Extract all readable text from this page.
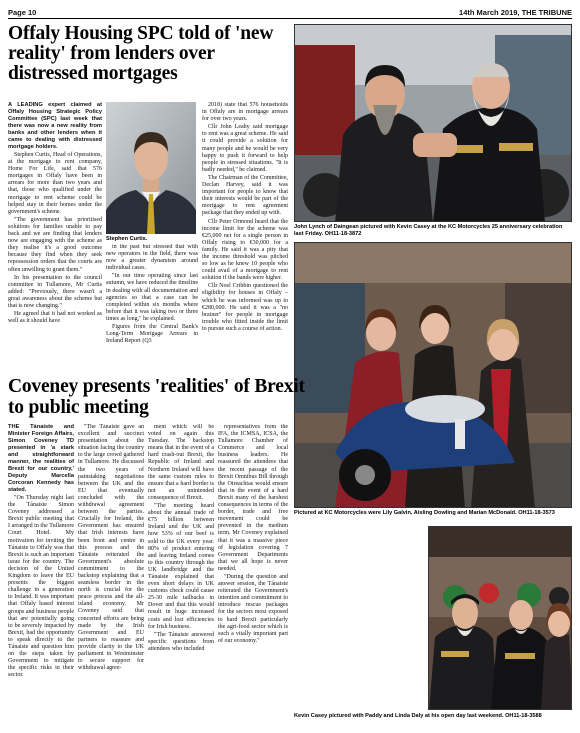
Page 10	14th March 2019, THE TRIBUNE
Offaly Housing SPC told of 'new reality' from lenders over distressed mortgages

A LEADING expert claimed at Offaly Housing Strategic Policy Committee (SPC) last week that there was now a new reality from banks and other lenders when it came to dealing with distressed mortgage holders.

Stephen Curtis, Head of Operations, at the mortgage to rent company, Home For Life, said that 576 mortgages in Offaly have been in arrears for more than two years and that, those who qualified under the mortgage to rent scheme could be helped stay in their homes under the government's scheme.

"The government has prioritised solutions for families unable to pay back and we are finding that lenders now are engaging with the scheme as they realise it's a good outcome because they find when they seek repossession orders that the courts are often unwilling to grant them."

In his presentation to the council committee in Tullamore, Mr Curtis added: "Previously, there wasn't a great awareness about the scheme but that is now changing."

He agreed that it had not worked as well as it should have

Stephen Curtis.

in the past but stressed that with new operators in the field, there was now a greater dynamism around individual cases.

"In our time operating since last autumn, we have reduced the timeline in dealing with all documentation and agencies so that a case can be completed within six months where before that it was taking two or three times as long," he explained.

Figures from the Central Bank's Long-Term Mortgage Arrears in Ireland Report (Q3

2018) state that 576 households in Offaly are in mortgage arrears for over two years.

Cllr John Leahy said mortgage to rent was a great scheme. He said it could provide a solution for many people and he would be very happy to push it forward to help people in stressed situations. "It is badly needed," he claimed.

The Chairman of the Committee, Declan Harvey, said it was important for people to know that their interests would be part of the mortgage to rent agreement package that they ended up with.

Cllr Peter Ormond heard that the income limit for the scheme was €25,000 net for a single person in Offaly rising to €30,000 for a family. He said it was a pity that the income threshold was pitched so low as he knew 10 people who could avail of a mortgage to rent solution if the bands were higher.

Cllr Noel Cribbin questioned the eligibility for houses in Offaly – which he was informed was up to €280,000. He said it was a "no brainer" for people in mortgage trouble who fitted inside the limit to pursue such a course of action.

John Lynch of Daingean pictured with Kevin Casey at the KC Motorcycles 25 anniversary celebration last Friday. OH11-18-3872
Pictured at KC Motorcycles were Lily Galvin, Aisling Dowling and Marian McDonald. OH11-18-3573
Kevin Casey pictured with Paddy and Linda Daly at his open day last weekend. OH11-18-3588
Coveney presents 'realities' of Brexit to public meeting

THE Tánaiste and Minister Foreign Affairs, Simon Coveney TD presented in 'a stark and straightforward manner, the realities of Brexit for our country,' Deputy Marcella Corcoran Kennedy has stated.

"On Thursday night last the Tánaiste Simon Coveney addressed a Brexit public meeting that I arranged in the Tullamore Court Hotel. My motivation for inviting the Tánaiste to Offaly was that Brexit is such an important issue for the country. The decision of the United Kingdom to leave the EU presents the biggest challenge in a generation to Ireland. It was important that Offaly based interest groups and business people that are potentially going to be severely impacted by Brexit, had the opportunity to speak directly to the Tánaiste and question him on the steps taken by Government to mitigate the specific risks in their sector.

"The Tánaiste gave an excellent and succinct presentation about the situation facing the country to the large crowd gathered in Tullamore. He discussed the two years of painstaking negotiations between the UK and the EU that eventually concluded with the withdrawal agreement between the parties. Crucially for Ireland, the Government has ensured that Irish interests have been front and centre in this process and the Tánaiste reiterated the Government's absolute commitment to the backstop explaining that a seamless border in the north is crucial for the peace process and the all-island economy. Mr Coveney said that concerted efforts are being made by the Irish Government and EU partners to reassure and provide clarity to the UK parliament in Westminster to secure support for withdrawal agree-

ment which will be voted on again this Tuesday. The backstop means that in the event of a hard crash-out Brexit, the Republic of Ireland and Northern Ireland will have the same custom rules to ensure that a hard border is not an unintended consequence of Brexit.

"The meeting heard about the annual trade of €75 billion between Ireland and the UK and how 53% of our beef is sold to the UK every year. 80% of product entering and leaving Ireland comes to this country through the UK landbridge and the Tánaiste explained that even short delays in UK customs check could cause 25-30 mile tailbacks in Dover and that this would result in huge increased costs and lost efficiencies for Irish business.

"The Tánaiste answered specific questions from attendees who included

representatives from the IFA, the ICMSA, ICSA, the Tullamore Chamber of Commerce and local business leaders. He reassured the attendees that the recent passage of the Brexit Omnibus Bill through the Oireachtas would ensure that in the event of a hard Brexit many of the harshest consequences in terms of the border, trade and free movement could be prevented in the medium term. Mr Coveney explained that it was a massive piece of legislation covering 7 Government Departments that we all hope is never needed.

"During the question and answer session, the Tánaiste reiterated the Government's intention and commitment to introduce rescue packages for the sectors most exposed to hard Brexit particularly the agri-food sector which is such a vitally important part of our economy."
